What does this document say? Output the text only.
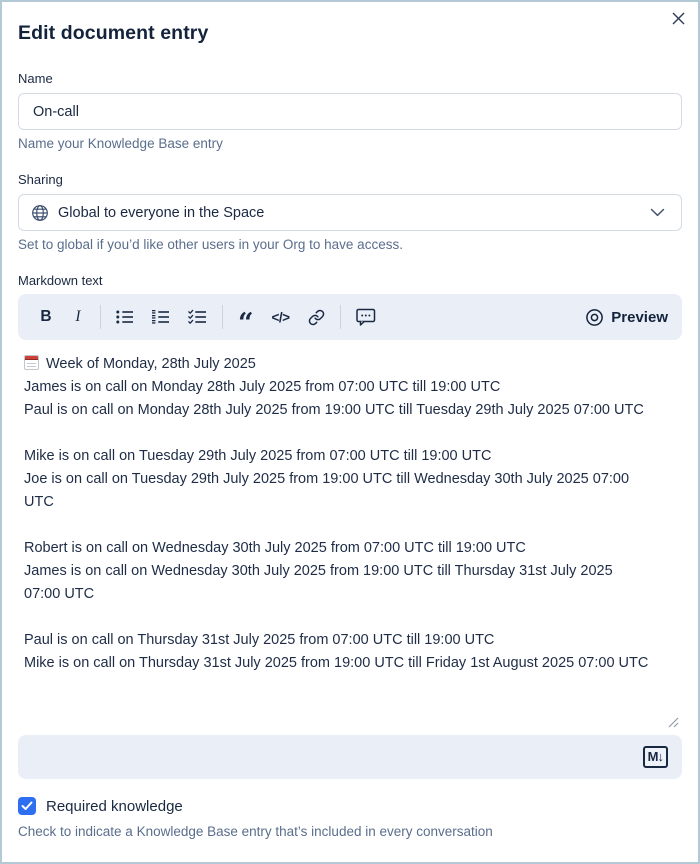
Edit document entry
Name
On-call
Name your Knowledge Base entry
Sharing
Global to everyone in the Space
Set to global if you’d like other users in your Org to have access.
Markdown text
B	I	“	</>	Preview
Week of Monday, 28th July 2025
James is on call on Monday 28th July 2025 from 07:00 UTC till 19:00 UTC
Paul is on call on Monday 28th July 2025 from 19:00 UTC till Tuesday 29th July 2025 07:00 UTC
Mike is on call on Tuesday 29th July 2025 from 07:00 UTC till 19:00 UTC
Joe is on call on Tuesday 29th July 2025 from 19:00 UTC till Wednesday 30th July 2025 07:00 UTC
Robert is on call on Wednesday 30th July 2025 from 07:00 UTC till 19:00 UTC
James is on call on Wednesday 30th July 2025 from 19:00 UTC till Thursday 31st July 2025 07:00 UTC
Paul is on call on Thursday 31st July 2025 from 07:00 UTC till 19:00 UTC
Mike is on call on Thursday 31st July 2025 from 19:00 UTC till Friday 1st August 2025 07:00 UTC
M↓
Required knowledge
Check to indicate a Knowledge Base entry that’s included in every conversation
